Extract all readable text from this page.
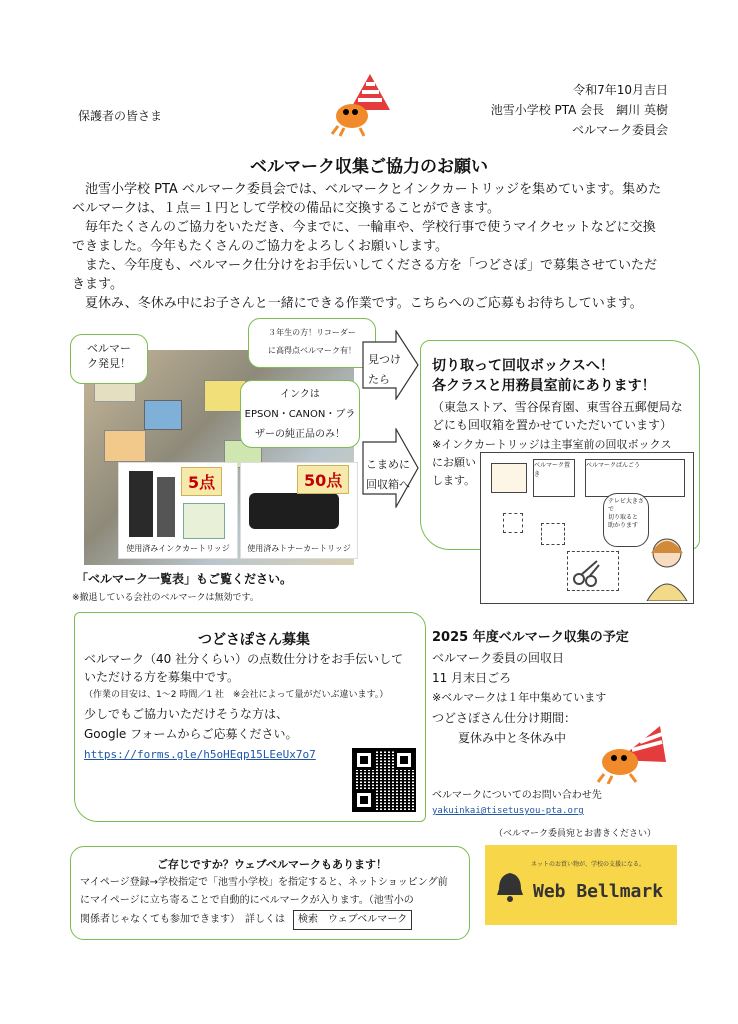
保護者の皆さま
令和7年10月吉日
池雪小学校 PTA 会長　網川 英樹
ベルマーク委員会
ベルマーク収集ご協力のお願い
　池雪小学校 PTA ベルマーク委員会では、ベルマークとインクカートリッジを集めています。集めた
ベルマークは、１点＝１円として学校の備品に交換することができます。
　毎年たくさんのご協力をいただき、今までに、一輪車や、学校行事で使うマイクセットなどに交換
できました。今年もたくさんのご協力をよろしくお願いします。
　また、今年度も、ベルマーク仕分けをお手伝いしてくださる方を「つどさぽ」で募集させていただ
きます。
　夏休み、冬休み中にお子さんと一緒にできる作業です。こちらへのご応募もお待ちしています。
5点
使用済みインクカートリッジ
50点
使用済みトナーカートリッジ
ベルマー
ク発見！
３年生の方！リコーダー
に高得点ベルマーク有！
インクは
EPSON・CANON・ブラ
ザーの純正品のみ！
見つけ
たら
こまめに
回収箱へ
切り取って回収ボックスへ！
各クラスと用務員室前にあります！
（東急ストア、雪谷保育園、東雪谷五郵便局な
どにも回収箱を置かせていただいています）
※インクカートリッジは主事室前の回収ボックス
にお願い
します。
ベルマーク置き
ベルマークばんごう
テレビ大きさで
切り取ると
助かります
「ベルマーク一覧表」もご覧ください。
※撤退している会社のベルマークは無効です。
つどさぽさん募集
ベルマーク（40 社分くらい）の点数仕分けをお手伝いして
いただける方を募集中です。
（作業の目安は、1～2 時間／1 社　※会社によって量がだいぶ違います。）
少しでもご協力いただけそうな方は、
Google フォームからご応募ください。
https://forms.gle/h5oHEqp15LEeUx7o7
2025 年度ベルマーク収集の予定
ベルマーク委員の回収日
11 月末日ごろ
※ベルマークは１年中集めています
つどさぽさん仕分け期間：
夏休み中と冬休み中
ベルマークについてのお問い合わせ先
yakuinkai@tisetusyou-pta.org
（ベルマーク委員宛とお書きください）
ご存じですか？ウェブベルマークもあります！
マイページ登録→学校指定で「池雪小学校」を指定すると、ネットショッピング前
にマイページに立ち寄ることで自動的にベルマークが入ります。（池雪小の
関係者じゃなくても参加できます）　詳しくは 検索 ウェブベルマーク
ネットのお買い物が、学校の支援になる。
Web Bellmark
